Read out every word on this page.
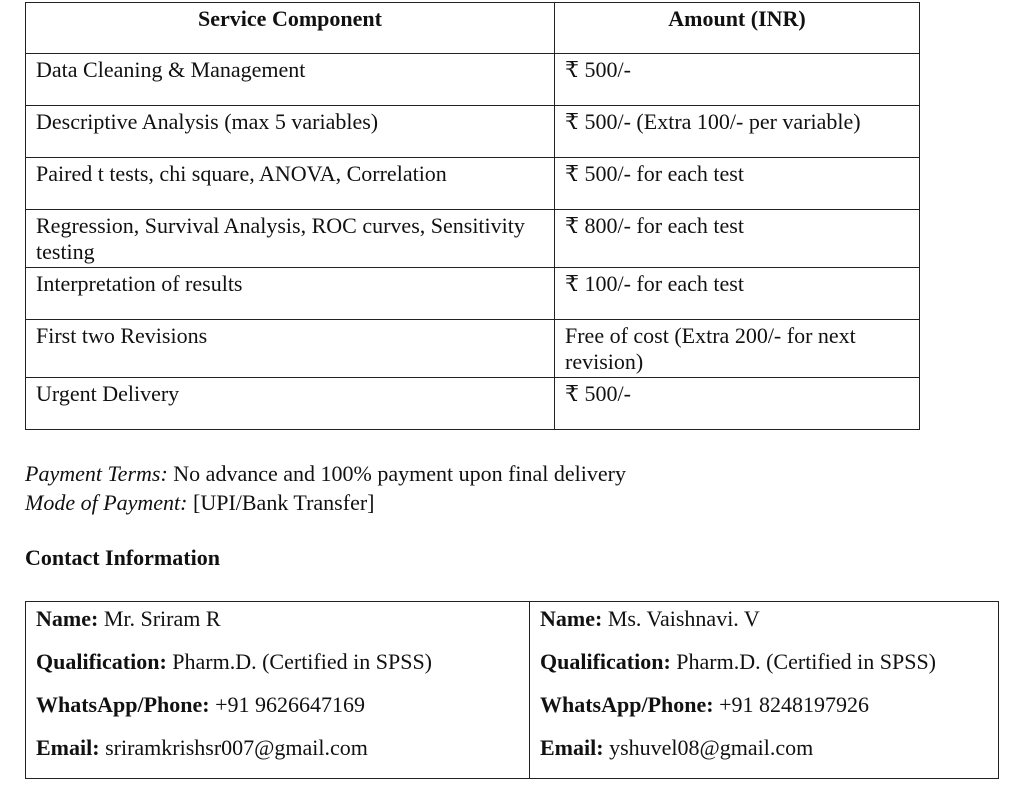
Service Component	Amount (INR)
Data Cleaning & Management	₹ 500/-
Descriptive Analysis (max 5 variables)	₹ 500/- (Extra 100/- per variable)
Paired t tests, chi square, ANOVA, Correlation	₹ 500/- for each test
Regression, Survival Analysis, ROC curves, Sensitivity testing	₹ 800/- for each test
Interpretation of results	₹ 100/- for each test
First two Revisions	Free of cost (Extra 200/- for next revision)
Urgent Delivery	₹ 500/-
Payment Terms: No advance and 100% payment upon final delivery
Mode of Payment: [UPI/Bank Transfer]
Contact Information
Name: Mr. Sriram R
Qualification: Pharm.D. (Certified in SPSS)
WhatsApp/Phone: +91 9626647169
Email: sriramkrishsr007@gmail.com

Name: Ms. Vaishnavi. V
Qualification: Pharm.D. (Certified in SPSS)
WhatsApp/Phone: +91 8248197926
Email: yshuvel08@gmail.com
